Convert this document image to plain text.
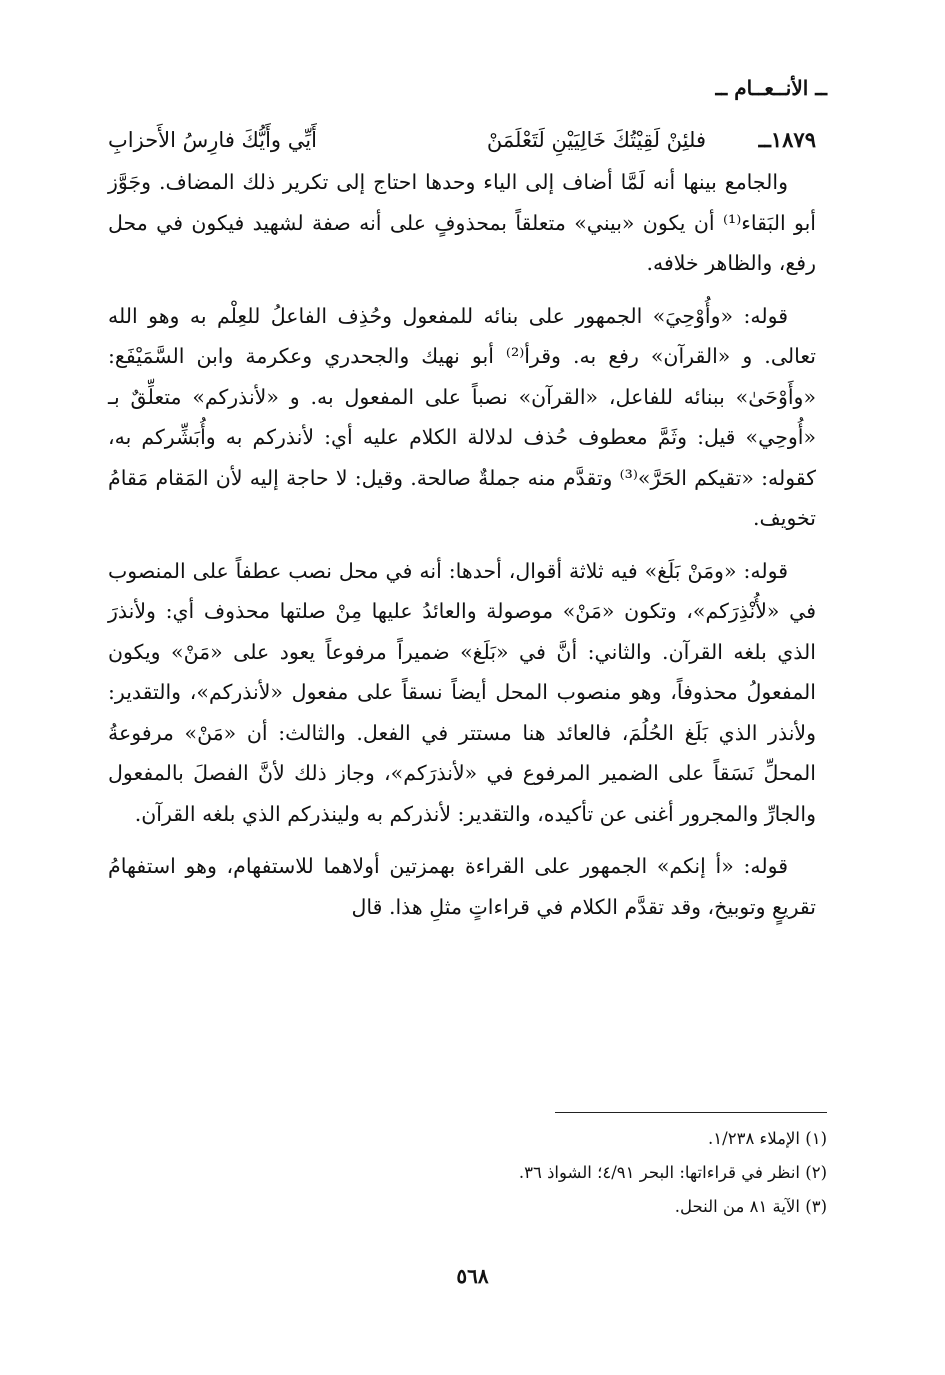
ــ الأنــعــام ــ
١٨٧٩ــ
فلئِنْ لَقِيْتُكَ خَالِيَيْنِ لَتَعْلَمَنْ
أَيِّي وأَيُّكَ فارِسُ الأَحزابِ

والجامع بينها أنه لَمَّا أضاف إلى الياء وحدها احتاج إلى تكرير ذلك المضاف. وجَوَّز أبو البَقاء⁽¹⁾ أن يكون «بيني» متعلقاً بمحذوفٍ على أنه صفة لشهيد فيكون في محل رفع، والظاهر خلافه.

قوله: «وأُوْحِيَ» الجمهور على بنائه للمفعول وحُذِف الفاعلُ للعِلْم به وهو الله تعالى. و «القرآن» رفع به. وقرأ⁽²⁾ أبو نهيك والجحدري وعكرمة وابن السَّمَيْفَع: «وأَوْحَىٰ» ببنائه للفاعل، «القرآن» نصباً على المفعول به. و «لأنذركم» متعلِّقٌ بـ «أُوحِي» قيل: وثَمَّ معطوف حُذف لدلالة الكلام عليه أي: لأنذركم به وأُبَشِّركم به، كقوله: «تقيكم الحَرَّ»⁽³⁾ وتقدَّم منه جملةٌ صالحة. وقيل: لا حاجة إليه لأن المَقام مَقامُ تخويف.

قوله: «ومَنْ بَلَغ» فيه ثلاثة أقوال، أحدها: أنه في محل نصب عطفاً على المنصوب في «لأُنْذِرَكم»، وتكون «مَنْ» موصولة والعائدُ عليها مِنْ صلتها محذوف أي: ولأنذرَ الذي بلغه القرآن. والثاني: أنَّ في «بَلَغ» ضميراً مرفوعاً يعود على «مَنْ» ويكون المفعولُ محذوفاً، وهو منصوب المحل أيضاً نسقاً على مفعول «لأنذركم»، والتقدير: ولأنذر الذي بَلَغ الحُلُمَ، فالعائد هنا مستتر في الفعل. والثالث: أن «مَنْ» مرفوعةُ المحلِّ نَسَقاً على الضمير المرفوع في «لأنذرَكم»، وجاز ذلك لأنَّ الفصلَ بالمفعول والجارِّ والمجرور أغنى عن تأكيده، والتقدير: لأنذركم به ولينذركم الذي بلغه القرآن.

قوله: «أ إنكم» الجمهور على القراءة بهمزتين أولاهما للاستفهام، وهو استفهامُ تقريعٍ وتوبيخ، وقد تقدَّم الكلام في قراءاتٍ مثلِ هذا. قال

(١) الإملاء ١/٢٣٨.
(٢) انظر في قراءاتها: البحر ٤/٩١؛ الشواذ ٣٦.
(٣) الآية ٨١ من النحل.
٥٦٨
